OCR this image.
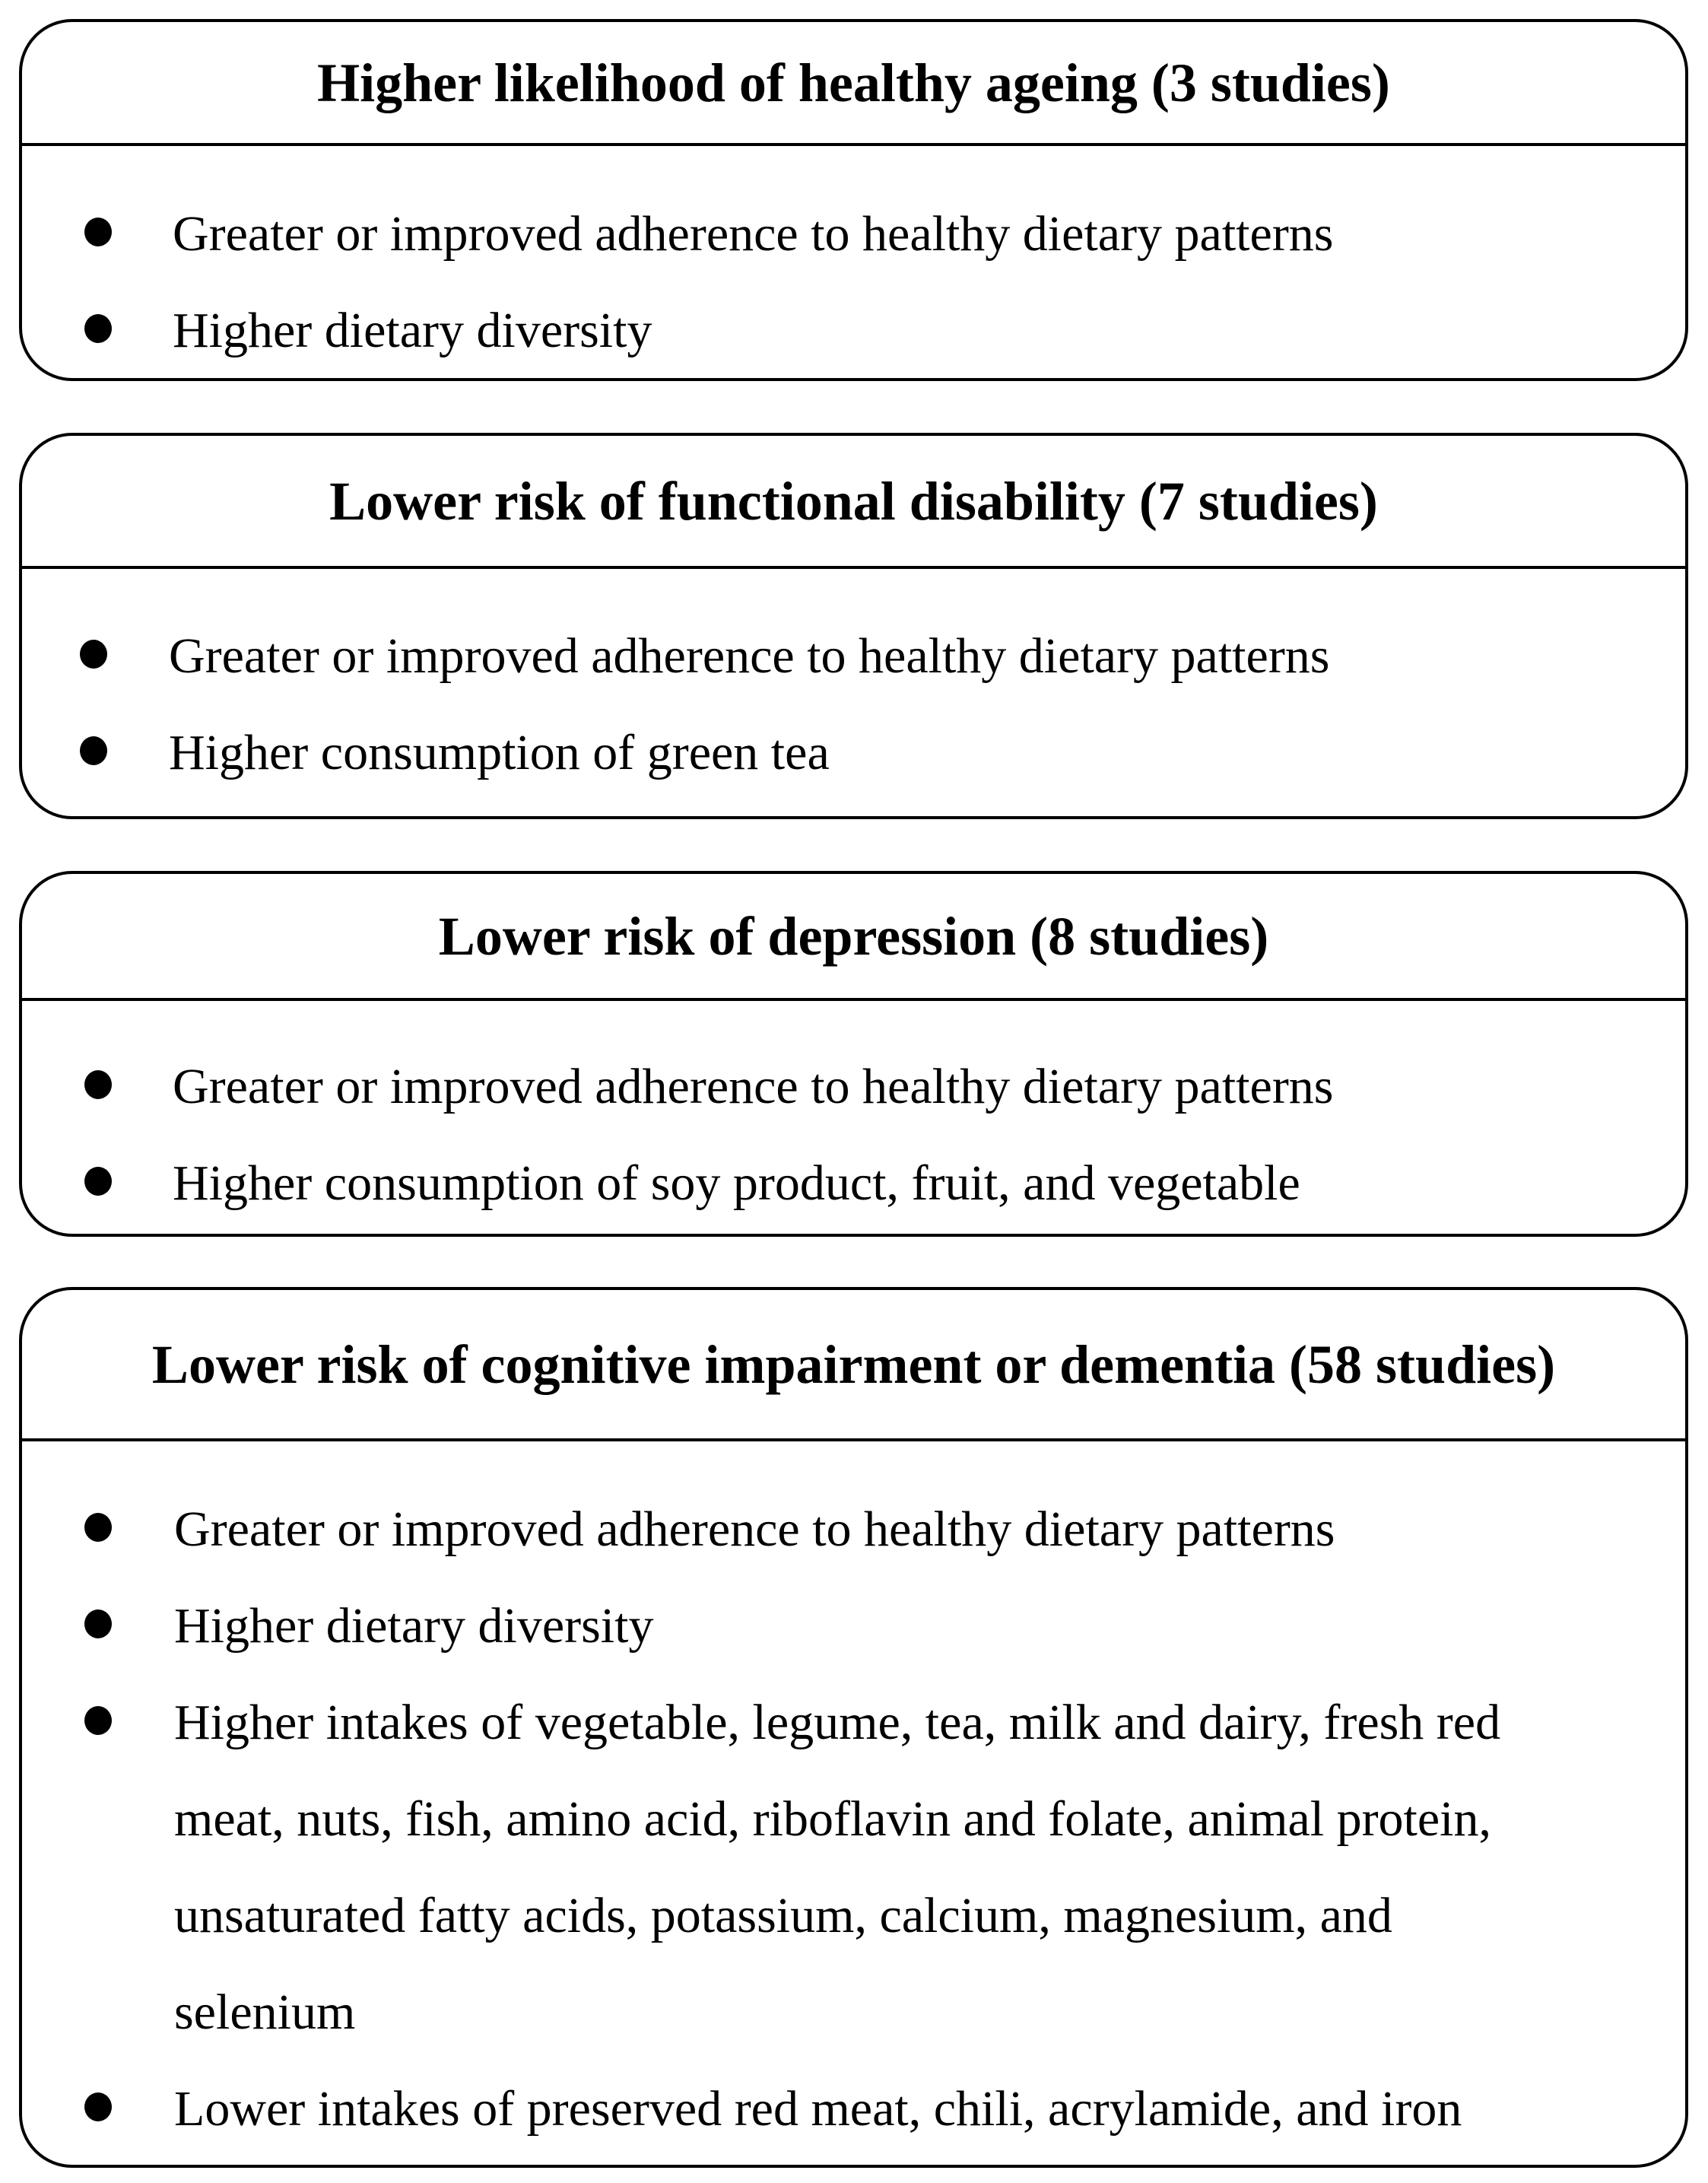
Higher likelihood of healthy ageing (3 studies)
Greater or improved adherence to healthy dietary patterns
Higher dietary diversity
Lower risk of functional disability (7 studies)
Greater or improved adherence to healthy dietary patterns
Higher consumption of green tea
Lower risk of depression (8 studies)
Greater or improved adherence to healthy dietary patterns
Higher consumption of soy product, fruit, and vegetable
Lower risk of cognitive impairment or dementia (58 studies)
Greater or improved adherence to healthy dietary patterns
Higher dietary diversity
Higher intakes of vegetable, legume, tea, milk and dairy, fresh red
meat, nuts, fish, amino acid, riboflavin and folate, animal protein,
unsaturated fatty acids, potassium, calcium, magnesium, and
selenium
Lower intakes of preserved red meat, chili, acrylamide, and iron
